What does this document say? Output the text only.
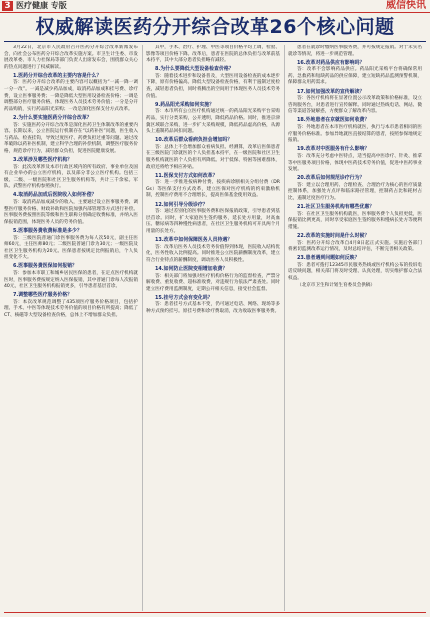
3 医疗健康 专版	威信快讯
权威解读医药分开综合改革26个核心问题
3月22日，北京市人民政府召开医药分开综合改革新闻发布会，向社会公布医药分开综合改革实施方案。市卫生计生委、市发展改革委、市人力社保局等部门负责人出席发布会，围绕群众关心的热点问题进行了权威解读。
1.医药分开综合改革的主要内容是什么？
答：医药分开综合改革的主要内容可以概括为“一减一降一调一分一改”。一减是减少药品加成，取消药品加成和挂号费、诊疗费，设立医事服务费；一降是降低大型医用设备检查价格；一调是调整部分医疗服务价格，体现医务人员技术劳务价值；一分是分开药品购销，实行药品阳光采购；一改是深化医保支付方式改革。
2.为什么要实施医药分开综合改革？
答：实施医药分开综合改革是深化医药卫生体制改革的重要内容。长期以来，公立医院运行机制存在“以药补医”问题，医生收入与药品、检查挂钩，导致过度医疗、药费负担过重等问题。通过改革破除以药补医机制，建立科学合理的补偿机制，调整医疗服务价格，规范诊疗行为，减轻群众负担，促进医院健康发展。
3.改革涉及哪些医疗机构？
答：此次改革涉及本市行政区域内的所有政府、事业单位及国有企业举办的公立医疗机构，以及部分非公立医疗机构。包括三级、二级、一级医院和社区卫生服务机构等，共计三千余家。军队、武警医疗机构参照执行。
4.取消药品加成后医院收入如何补偿？
答：取消药品加成减少的收入，主要通过设立医事服务费、调整医疗服务价格、财政补助和医院加强内部管理等方式进行补偿。医事服务费按照医院等级和医生职称分别确定收费标准，并纳入医保报销范围，体现医务人员的劳务价值。
5.医事服务费收费标准是多少？
答：三级医院普通门诊医事服务费为每人次50元，副主任医师60元，主任医师80元；二级医院普通门诊为30元；一级医院及社区卫生服务机构为20元。医保患者按规定比例报销后，个人负担变化不大。
6.医事服务费医保如何报销？
答：参加本市职工和城乡居民医保的患者，在定点医疗机构就医时，医事服务费按规定纳入医保报销，其中普通门诊每人次报销40元，社区卫生服务机构报销更多，引导患者基层首诊。
7.调整哪些医疗服务价格？
答：本次改革规范调整了435项医疗服务价格项目，包括护理、手术、中医等体现技术劳务价值的项目价格有所提高；降低了CT、核磁等大型设备检查价格，总体上不增加群众负担。
其中，手术、治疗、护理、中医等项目价格平均上调，检验、影像等项目价格下降。改革后，患者在医院的总体负担与改革前基本持平，其中大部分患者负担略有减轻。
8.为什么要降低大型设备检查价格？
答：随着技术进步和设备普及，大型医用设备检查的成本逐步下降，原有价格偏高。降低大型设备检查价格，有利于遏制过度检查，减轻患者负担，同时将腾出的空间用于体现医务人员技术劳务价值。
9.药品阳光采购如何实施？
答：本市所有公立医疗机构通过统一的药品阳光采购平台采购药品，实行分类采购，公开透明，降低药品价格。同时，推进京津冀区域联合采购，进一步扩大采购规模，降低药品虚高价格，从源头上遏制药品回扣问题。
10.改革后群众看病负担会增加吗？
答：总体上不会增加群众看病负担。经测算，改革后医保患者在三级医院门诊就医的个人负担基本持平，在一级医院和社区卫生服务机构就医的个人负担有所降低。对于低保、特困等困难群体，政府还将给予相应补贴。
11.医保支付方式如何改革？
答：进一步推进按病种付费、按疾病诊断相关分组付费（DRGs）等医保支付方式改革，建立医保对医疗机构的约束激励机制，控制医疗费用不合理增长，提高医保基金使用效益。
12.如何引导分级诊疗？
答：通过差别化的医事服务费和医保报销政策，引导患者到基层首诊。同时，扩大家庭医生签约服务，延长处方用量，对高血压、糖尿病等四种慢性病患者，在社区卫生服务机构可开具两个月用量的长处方。
13.改革中如何保障医务人员待遇？
答：改革后医务人员技术劳务价值得到体现，医院收入结构优化，医务性收入比例提高。同时推进公立医院薪酬制度改革，建立符合行业特点的薪酬制度，调动医务人员积极性。
14.如何防止医院变相增加收费？
答：相关部门将加强对医疗机构价格行为的监督检查，严禁分解收费、重复收费、超标准收费，对违规行为依法严肃查处。同时建立医疗费用监测制度，定期公开相关信息，接受社会监督。
15.挂号方式会有变化吗？
答：患者挂号方式基本不变，仍可通过电话、网络、现场等多种方式预约挂号。原挂号费和诊疗费取消，改为收取医事服务费。
患者在就诊时缴纳医事服务费，并可按规定报销。对于未实名就诊等情况，将进一步规范管理。
16.改革对药品供应有影响吗？
答：改革不会影响药品供应。药品阳光采购平台将确保常用药、急救药和短缺药品的供应保障，建立短缺药品监测预警机制，保障群众用药需求。
17.如何加强改革的宣传解读？
答：各医疗机构将在显著位置公示改革政策和价格标准，设立咨询服务台，对患者进行宣传解释。同时通过热线电话、网站、微信等渠道答疑解惑，方便群众了解改革内容。
18.外地患者在京就医如何收费？
答：外地患者在本市医疗机构就医，执行与本市患者相同的医疗服务价格标准。参加异地就医直接结算的患者，按照参保地规定报销。
19.改革对中医服务有什么影响？
答：改革充分考虑中医特点，适当提高中医诊疗、针灸、推拿等中医服务项目价格，体现中医药技术劳务价值，促进中医药事业发展。
20.改革后如何规范诊疗行为？
答：建立以合理用药、合理检查、合理治疗为核心的医疗质量控制体系，加强处方点评和临床路径管理，控制药占比和耗材占比，遏制过度医疗行为。
21.社区卫生服务机构有哪些优惠？
答：在社区卫生服务机构就医，医事服务费个人负担更低，医保报销比例更高，同时享受家庭医生签约服务和慢病长处方等便利措施。
22.改革的实施时间是什么时候？
答：医药分开综合改革自4月8日起正式实施。实施后各部门将密切监测改革运行情况，及时总结评估，不断完善相关政策。
23.患者遇到问题如何反映？
答：患者可拨打12345市民服务热线或医疗机构公布的投诉电话反映问题，相关部门将及时受理、认真处理，切实维护群众合法权益。
（北京市卫生和计划生育委员会供稿）
